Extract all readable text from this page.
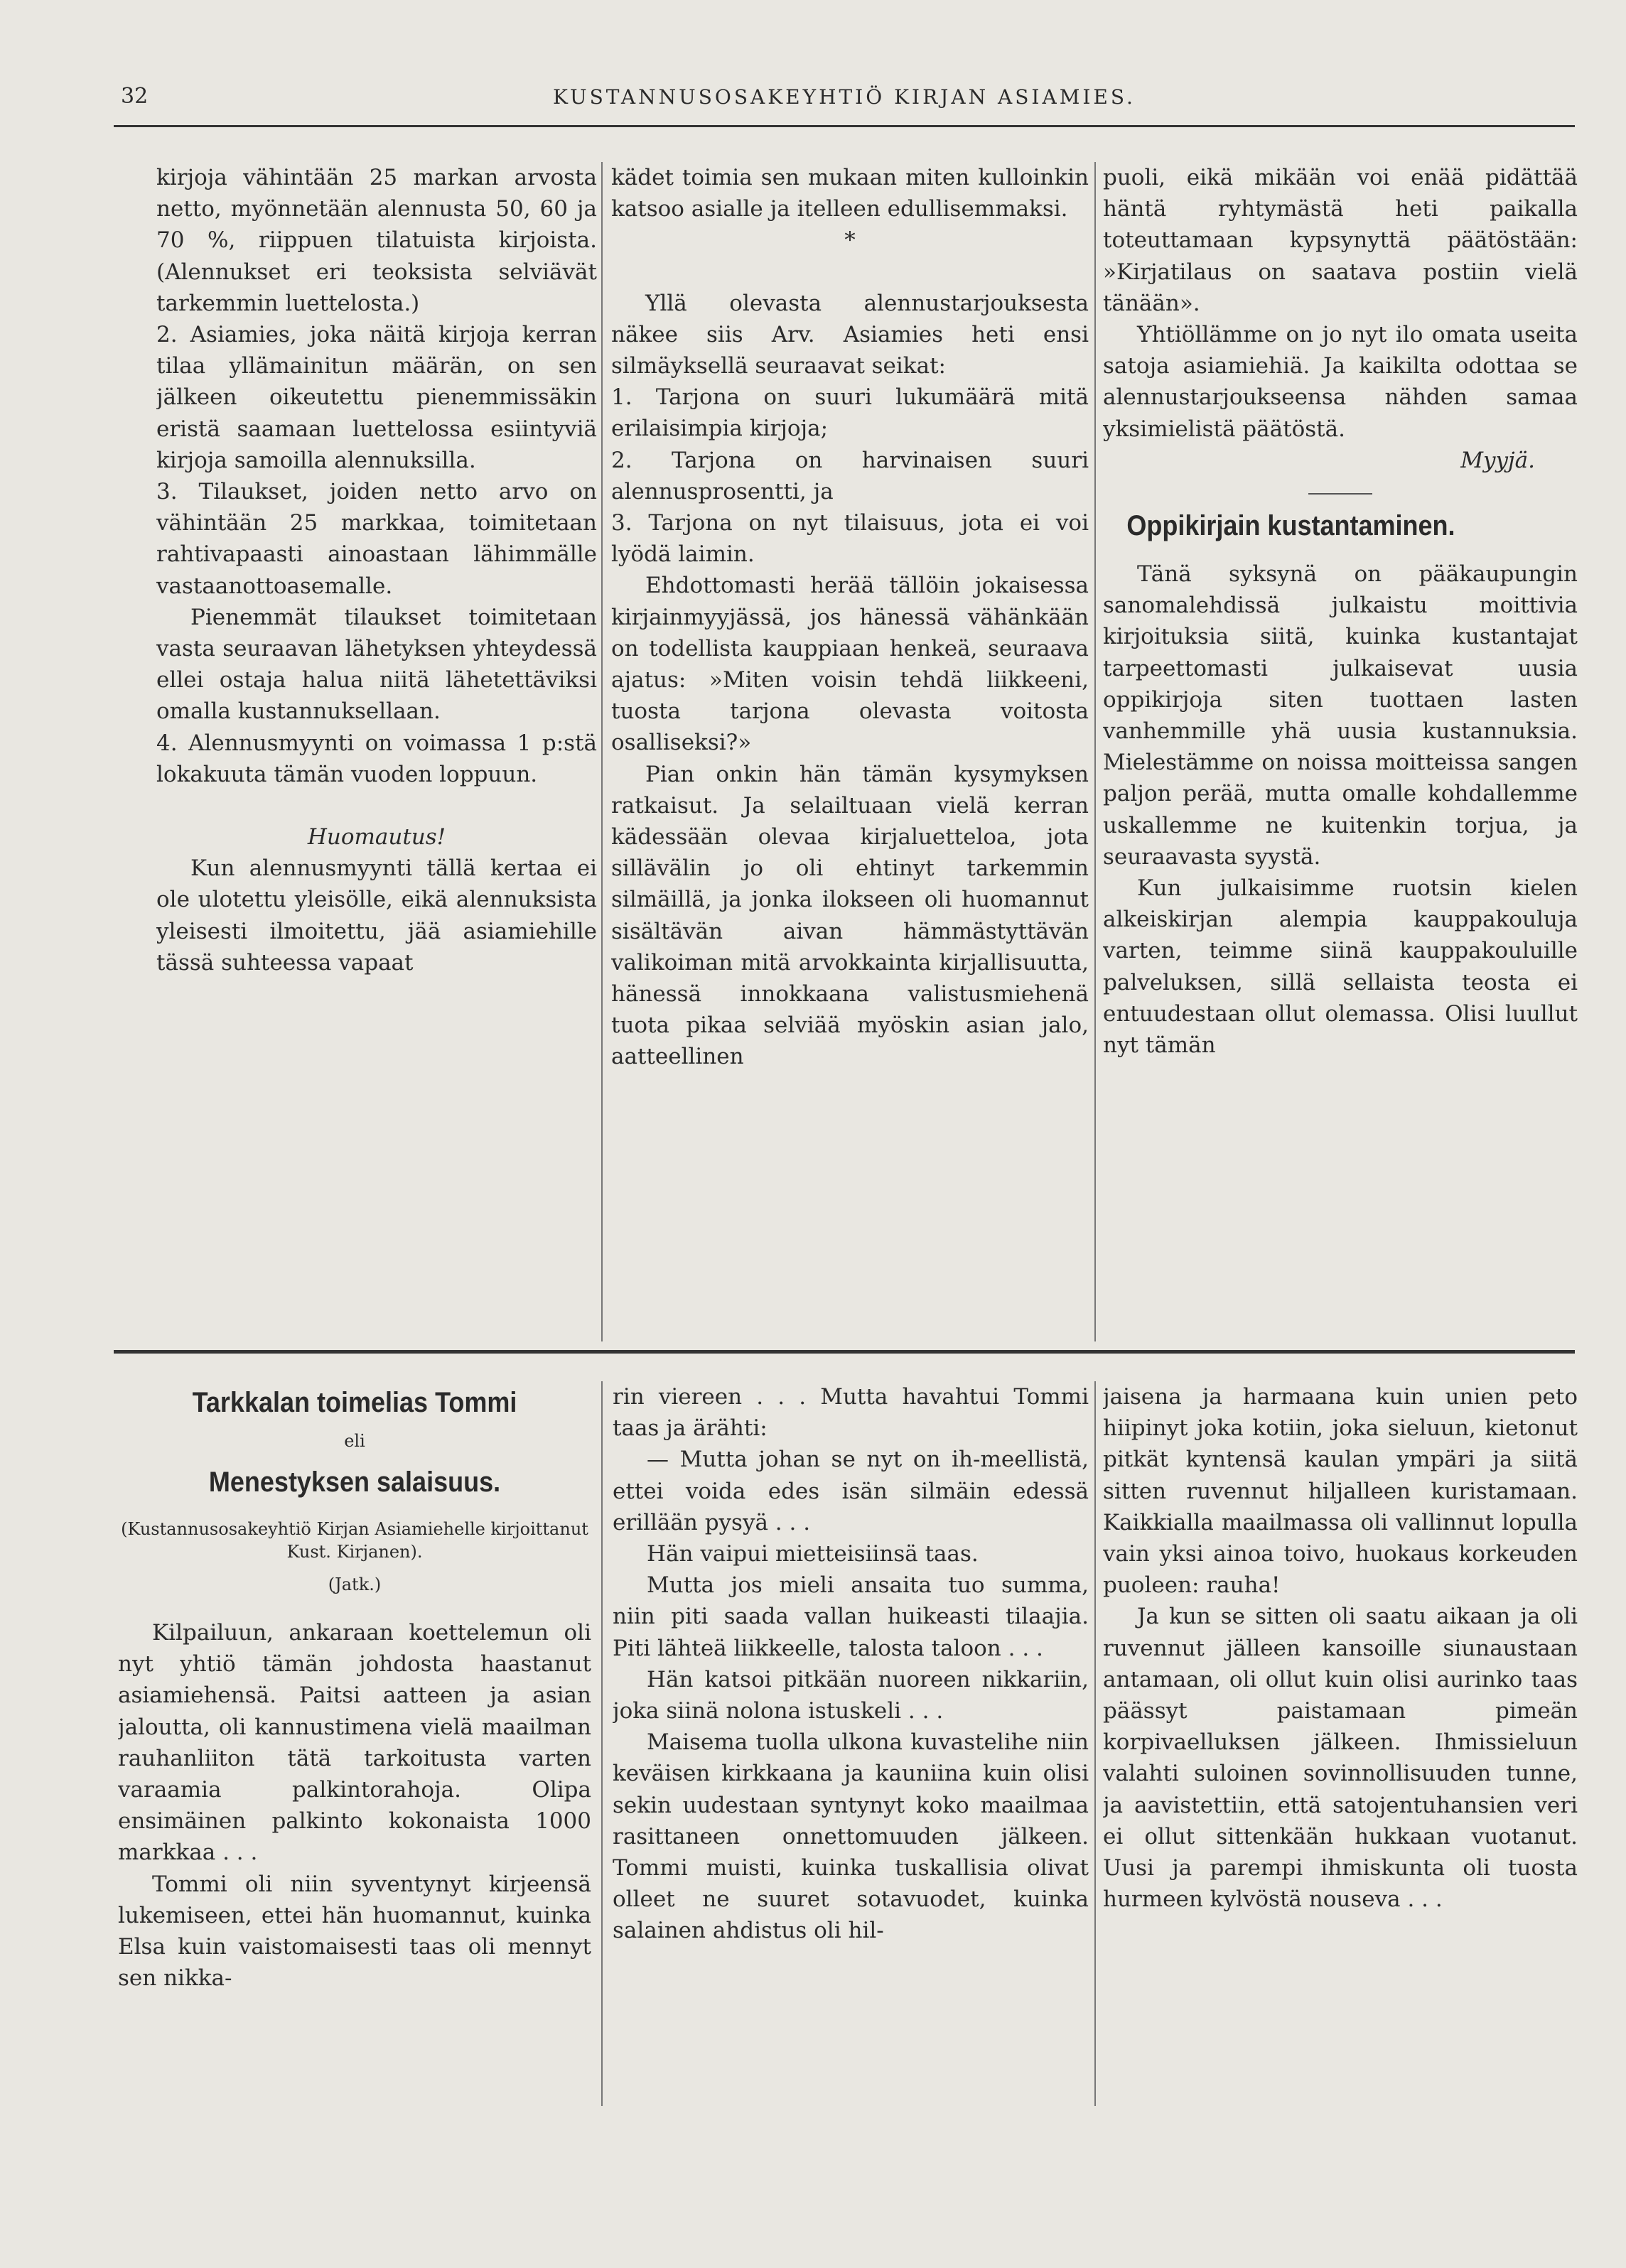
32	KUSTANNUSOSAKEYHTIÖ KIRJAN ASIAMIES.

kirjoja vähintään 25 markan arvosta netto, myönnetään alennusta 50, 60 ja 70 %, riippuen tilatuista kirjoista. (Alennukset eri teoksista selviävät tarkemmin luettelosta.)

2. Asiamies, joka näitä kirjoja kerran tilaa yllämainitun määrän, on sen jälkeen oikeutettu pienemmissäkin eristä saamaan luettelossa esiintyviä kirjoja samoilla alennuksilla.

3. Tilaukset, joiden netto arvo on vähintään 25 markkaa, toimitetaan rahtivapaasti ainoastaan lähimmälle vastaanottoasemalle.

Pienemmät tilaukset toimitetaan vasta seuraavan lähetyksen yhteydessä ellei ostaja halua niitä lähetettäviksi omalla kustannuksellaan.

4. Alennusmyynti on voimassa 1 p:stä lokakuuta tämän vuoden loppuun.

Huomautus!

Kun alennusmyynti tällä kertaa ei ole ulotettu yleisölle, eikä alennuksista yleisesti ilmoitettu, jää asiamiehille tässä suhteessa vapaat

kädet toimia sen mukaan miten kulloinkin katsoo asialle ja itelleen edullisemmaksi.

*

Yllä olevasta alennustarjouksesta näkee siis Arv. Asiamies heti ensi silmäyksellä seuraavat seikat:

1. Tarjona on suuri lukumäärä mitä erilaisimpia kirjoja;

2. Tarjona on harvinaisen suuri alennusprosentti, ja

3. Tarjona on nyt tilaisuus, jota ei voi lyödä laimin.

Ehdottomasti herää tällöin jokaisessa kirjainmyyjässä, jos hänessä vähänkään on todellista kauppiaan henkeä, seuraava ajatus: »Miten voisin tehdä liikkeeni, tuosta tarjona olevasta voitosta osalliseksi?»

Pian onkin hän tämän kysymyksen ratkaisut. Ja selailtuaan vielä kerran kädessään olevaa kirjaluetteloa, jota sillävälin jo oli ehtinyt tarkemmin silmäillä, ja jonka ilokseen oli huomannut sisältävän aivan hämmästyttävän valikoiman mitä arvokkainta kirjallisuutta, hänessä innokkaana valistusmiehenä tuota pikaa selviää myöskin asian jalo, aatteellinen

puoli, eikä mikään voi enää pidättää häntä ryhtymästä heti paikalla toteuttamaan kypsynyttä päätöstään: »Kirjatilaus on saatava postiin vielä tänään».

Yhtiöllämme on jo nyt ilo omata useita satoja asiamiehiä. Ja kaikilta odottaa se alennustarjoukseensa nähden samaa yksimielistä päätöstä.

Myyjä.

Oppikirjain kustantaminen.

Tänä syksynä on pääkaupungin sanomalehdissä julkaistu moittivia kirjoituksia siitä, kuinka kustantajat tarpeettomasti julkaisevat uusia oppikirjoja siten tuottaen lasten vanhemmille yhä uusia kustannuksia. Mielestämme on noissa moitteissa sangen paljon perää, mutta omalle kohdallemme uskallemme ne kuitenkin torjua, ja seuraavasta syystä.

Kun julkaisimme ruotsin kielen alkeiskirjan alempia kauppakouluja varten, teimme siinä kauppakouluille palveluksen, sillä sellaista teosta ei entuudestaan ollut olemassa. Olisi luullut nyt tämän

Tarkkalan toimelias Tommi

eli

Menestyksen salaisuus.

(Kustannusosakeyhtiö Kirjan Asiamiehelle kirjoittanut Kust. Kirjanen).

(Jatk.)

Kilpailuun, ankaraan koettelemun oli nyt yhtiö tämän johdosta haastanut asiamiehensä. Paitsi aatteen ja asian jaloutta, oli kannustimena vielä maailman rauhanliiton tätä tarkoitusta varten varaamia palkintorahoja. Olipa ensimäinen palkinto kokonaista 1000 markkaa . . .

Tommi oli niin syventynyt kirjeensä lukemiseen, ettei hän huomannut, kuinka Elsa kuin vaistomaisesti taas oli mennyt sen nikka-

rin viereen . . . Mutta havahtui Tommi taas ja ärähti:

— Mutta johan se nyt on ih-meellistä, ettei voida edes isän silmäin edessä erillään pysyä . . .

Hän vaipui mietteisiinsä taas.

Mutta jos mieli ansaita tuo summa, niin piti saada vallan huikeasti tilaajia. Piti lähteä liikkeelle, talosta taloon . . .

Hän katsoi pitkään nuoreen nikkariin, joka siinä nolona istuskeli . . .

Maisema tuolla ulkona kuvastelihe niin keväisen kirkkaana ja kauniina kuin olisi sekin uudestaan syntynyt koko maailmaa rasittaneen onnettomuuden jälkeen. Tommi muisti, kuinka tuskallisia olivat olleet ne suuret sotavuodet, kuinka salainen ahdistus oli hil-

jaisena ja harmaana kuin unien peto hiipinyt joka kotiin, joka sieluun, kietonut pitkät kyntensä kaulan ympäri ja siitä sitten ruvennut hiljalleen kuristamaan. Kaikkialla maailmassa oli vallinnut lopulla vain yksi ainoa toivo, huokaus korkeuden puoleen: rauha!

Ja kun se sitten oli saatu aikaan ja oli ruvennut jälleen kansoille siunaustaan antamaan, oli ollut kuin olisi aurinko taas päässyt paistamaan pimeän korpivaelluksen jälkeen. Ihmissieluun valahti suloinen sovinnollisuuden tunne, ja aavistettiin, että satojentuhansien veri ei ollut sittenkään hukkaan vuotanut. Uusi ja parempi ihmiskunta oli tuosta hurmeen kylvöstä nouseva . . .
